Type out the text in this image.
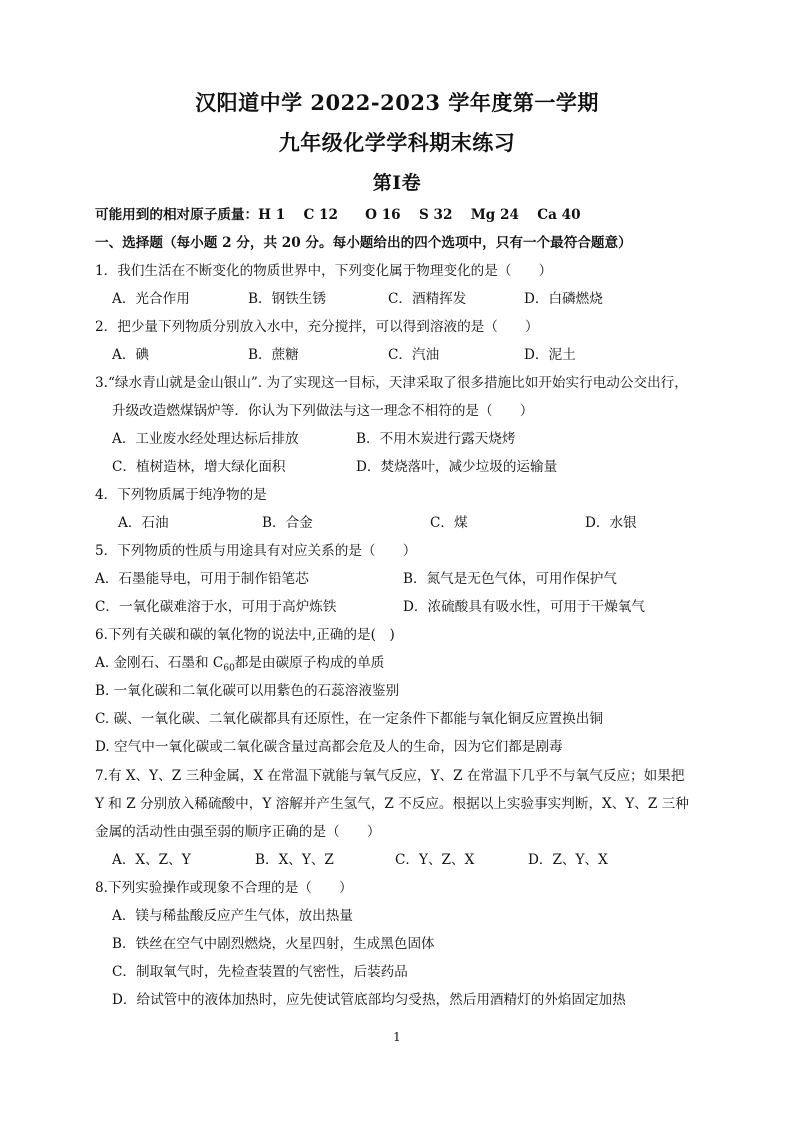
汉阳道中学 2022-2023 学年度第一学期
九年级化学学科期末练习
第Ⅰ卷
可能用到的相对原子质量：H 1　 C 12　　O 16　 S 32　 Mg 24　 Ca 40
一、选择题（每小题 2 分，共 20 分。每小题给出的四个选项中，只有一个最符合题意）
1．我们生活在不断变化的物质世界中，下列变化属于物理变化的是（　　）
A．光合作用	B．钢铁生锈	C．酒精挥发	D．白磷燃烧
2．把少量下列物质分别放入水中，充分搅拌，可以得到溶液的是（　　）
A．碘	B．蔗糖	C．汽油	D．泥土
3.“绿水青山就是金山银山”. 为了实现这一目标，天津采取了很多措施比如开始实行电动公交出行，
升级改造燃煤锅炉等．你认为下列做法与这一理念不相符的是（　　）
A．工业废水经处理达标后排放	B．不用木炭进行露天烧烤
C．植树造林，增大绿化面积	D．焚烧落叶，减少垃圾的运输量
4．下列物质属于纯净物的是
A．石油	B．合金	C．煤	D．水银
5．下列物质的性质与用途具有对应关系的是（　　）
A．石墨能导电，可用于制作铅笔芯	B．氮气是无色气体，可用作保护气
C．一氧化碳难溶于水，可用于高炉炼铁	D．浓硫酸具有吸水性，可用于干燥氧气
6.下列有关碳和碳的氧化物的说法中,正确的是(　)
A. 金刚石、石墨和 $C_{60}$都是由碳原子构成的单质
B. 一氧化碳和二氧化碳可以用紫色的石蕊溶液鉴别
C. 碳、一氧化碳、二氧化碳都具有还原性，在一定条件下都能与氧化铜反应置换出铜
D. 空气中一氧化碳或二氧化碳含量过高都会危及人的生命，因为它们都是剧毒
7.有 X、Y、Z 三种金属，X 在常温下就能与氧气反应，Y、Z 在常温下几乎不与氧气反应；如果把
Y 和 Z 分别放入稀硫酸中，Y 溶解并产生氢气，Z 不反应。根据以上实验事实判断，X、Y、Z 三种
金属的活动性由强至弱的顺序正确的是（　　）
A．X、Z、Y	B．X、Y、Z	C．Y、Z、X	D．Z、Y、X
8.下列实验操作或现象不合理的是（　　）
A．镁与稀盐酸反应产生气体，放出热量
B．铁丝在空气中剧烈燃烧，火星四射，生成黑色固体
C．制取氧气时，先检查装置的气密性，后装药品
D．给试管中的液体加热时，应先使试管底部均匀受热，然后用酒精灯的外焰固定加热
1
